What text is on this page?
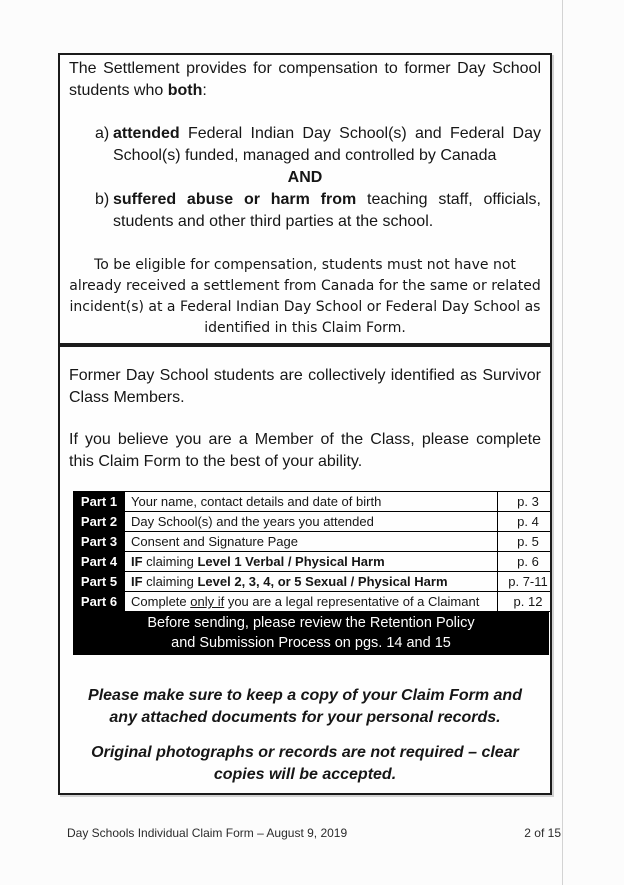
The Settlement provides for compensation to former Day School students who both:

a) attended Federal Indian Day School(s) and Federal Day School(s) funded, managed and controlled by Canada

AND

b) suffered abuse or harm from teaching staff, officials, students and other third parties at the school.

To be eligible for compensation, students must not have not already received a settlement from Canada for the same or related incident(s) at a Federal Indian Day School or Federal Day School as identified in this Claim Form.

Former Day School students are collectively identified as Survivor Class Members.

If you believe you are a Member of the Class, please complete this Claim Form to the best of your ability.

Part 1	Your name, contact details and date of birth	p. 3
Part 2	Day School(s) and the years you attended	p. 4
Part 3	Consent and Signature Page	p. 5
Part 4	IF claiming Level 1 Verbal / Physical Harm	p. 6
Part 5	IF claiming Level 2, 3, 4, or 5 Sexual / Physical Harm	p. 7-11
Part 6	Complete only if you are a legal representative of a Claimant	p. 12
Before sending, please review the Retention Policy
and Submission Process on pgs. 14 and 15

Please make sure to keep a copy of your Claim Form and any attached documents for your personal records.

Original photographs or records are not required – clear copies will be accepted.

Day Schools Individual Claim Form – August 9, 2019	2 of 15
